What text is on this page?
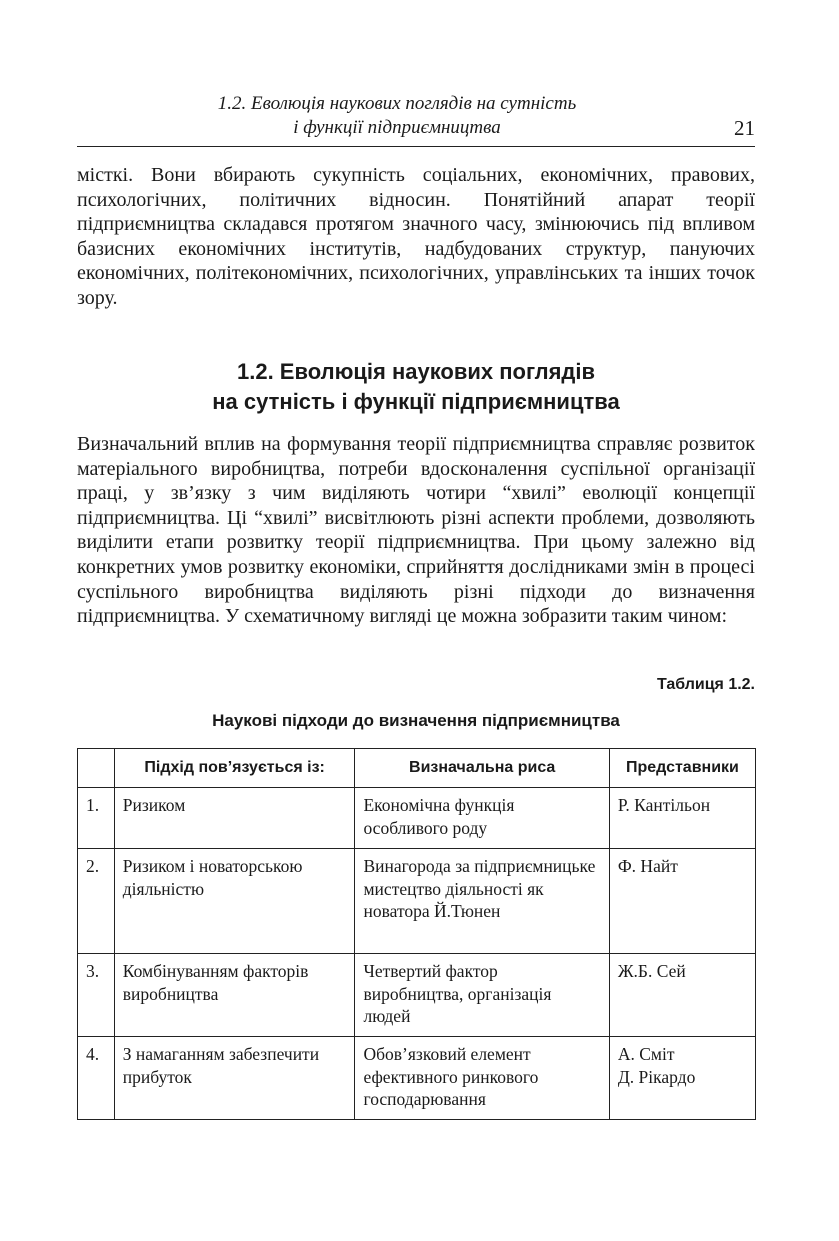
1.2. Еволюція наукових поглядів на сутність
і функції підприємництва	21

місткі. Вони вбирають сукупність соціальних, економічних, правових, психологічних, політичних відносин. Понятійний апарат теорії підприємництва складався протягом значного часу, змінюючись під впливом базисних економічних інститутів, надбудованих структур, пануючих економічних, політекономічних, психологічних, управлінських та інших точок зору.

1.2. Еволюція наукових поглядів
на сутність і функції підприємництва

Визначальний вплив на формування теорії підприємництва справляє розвиток матеріального виробництва, потреби вдосконалення суспільної організації праці, у зв’язку з чим виділяють чотири “хвилі” еволюції концепції підприємництва. Ці “хвилі” висвітлюють різні аспекти проблеми, дозволяють виділити етапи розвитку теорії підприємництва. При цьому залежно від конкретних умов розвитку економіки, сприйняття дослідниками змін в процесі суспільного виробництва виділяють різні підходи до визначення підприємництва. У схематичному вигляді це можна зобразити таким чином:

Таблиця 1.2.
Наукові підходи до визначення підприємництва
	Підхід пов’язується із:	Визначальна риса	Представники
1.	Ризиком	Економічна функція особливого роду	Р. Кантільон

2.	Ризиком і новаторською діяльністю	Винагорода за підприємницьке мистецтво діяльності як новатора Й.Тюнен	Ф. Найт

3.	Комбінуванням факторів виробництва	Четвертий фактор виробництва, організація людей	Ж.Б. Сей

4.	З намаганням забезпечити прибуток	Обов’язковий елемент ефективного ринкового господарювання	А. Сміт
Д. Рікардо
